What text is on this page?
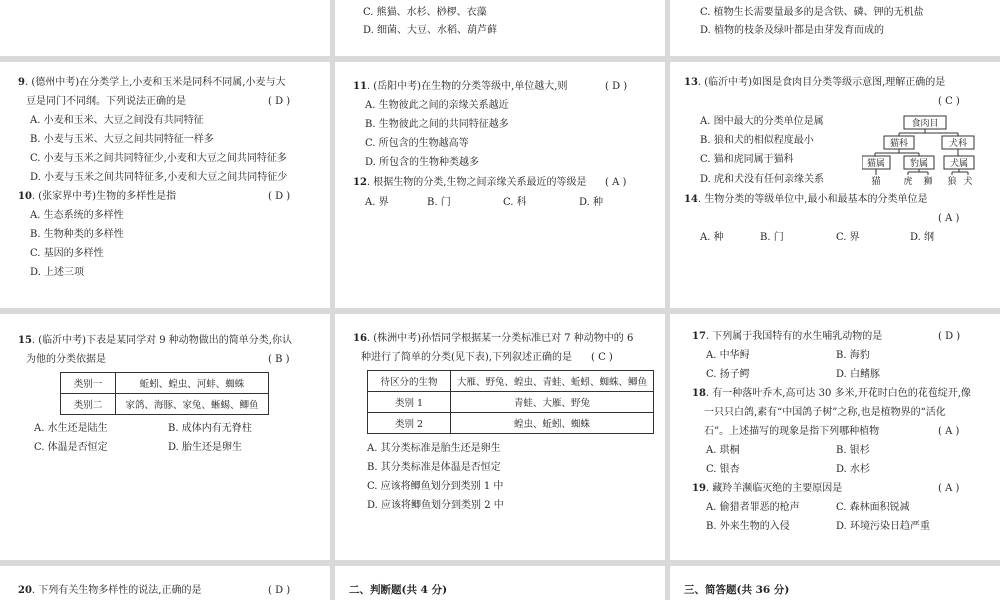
C. 熊猫、水杉、桫椤、衣藻
D. 细菌、大豆、水稻、葫芦藓
C. 植物生长需要量最多的是含铁、磷、钾的无机盐
D. 植物的枝条及绿叶都是由芽发育而成的
9. (德州中考)在分类学上,小麦和玉米是同科不同属,小麦与大
豆是同门不同纲。下列说法正确的是	( D )
A. 小麦和玉米、大豆之间没有共同特征
B. 小麦与玉米、大豆之间共同特征一样多
C. 小麦与玉米之间共同特征少,小麦和大豆之间共同特征多
D. 小麦与玉米之间共同特征多,小麦和大豆之间共同特征少
10. (张家界中考)生物的多样性是指	( D )
A. 生态系统的多样性
B. 生物种类的多样性
C. 基因的多样性
D. 上述三项
11. (岳阳中考)在生物的分类等级中,单位越大,则	( D )
A. 生物彼此之间的亲缘关系越近
B. 生物彼此之间的共同特征越多
C. 所包含的生物越高等
D. 所包含的生物种类越多
12. 根据生物的分类,生物之间亲缘关系最近的等级是 ( A )
A. 界	B. 门	C. 科	D. 种
13. (临沂中考)如图是食肉目分类等级示意图,理解正确的是
( C )
A. 图中最大的分类单位是属
B. 狼和犬的相似程度最小
C. 猫和虎同属于猫科
D. 虎和犬没有任何亲缘关系
食肉目
猫科	犬科
猫属	豹属 犬属
猫	虎 狮 狼 犬
14. 生物分类的等级单位中,最小和最基本的分类单位是
( A )
A. 种	B. 门	C. 界	D. 纲
15. (临沂中考)下表是某同学对 9 种动物做出的简单分类,你认
为他的分类依据是	( B )
类别一	蚯蚓、蝗虫、河蚌、蜘蛛
类别二	家鸽、海豚、家兔、蜥蜴、鲫鱼
A. 水生还是陆生	B. 成体内有无脊柱
C. 体温是否恒定	D. 胎生还是卵生
16. (株洲中考)孙悟同学根据某一分类标准已对 7 种动物中的 6
种进行了简单的分类(见下表),下列叙述正确的是 ( C )
待区分的生物	大雁、野兔、蝗虫、青蛙、蚯蚓、蜘蛛、鲫鱼
类别 1	青蛙、大雁、野兔
类别 2	蝗虫、蚯蚓、蜘蛛
A. 其分类标准是胎生还是卵生
B. 其分类标准是体温是否恒定
C. 应该将鲫鱼划分到类别 1 中
D. 应该将鲫鱼划分到类别 2 中
17. 下列属于我国特有的水生哺乳动物的是	( D )
A. 中华鲟	B. 海豹
C. 扬子鳄	D. 白鳍豚
18. 有一种落叶乔木,高可达 30 多米,开花时白色的花苞绽开,像
一只只白鸽,素有“中国鸽子树”之称,也是植物界的“活化
石”。上述描写的现象是指下列哪种植物	( A )
A. 珙桐	B. 银杉
C. 银杏	D. 水杉
19. 藏羚羊濒临灭绝的主要原因是	( A )
A. 偷猎者罪恶的枪声	C. 森林面积锐减
B. 外来生物的入侵	D. 环境污染日趋严重
20. 下列有关生物多样性的说法,正确的是	( D )	二、判断题(共 4 分)	三、简答题(共 36 分)
